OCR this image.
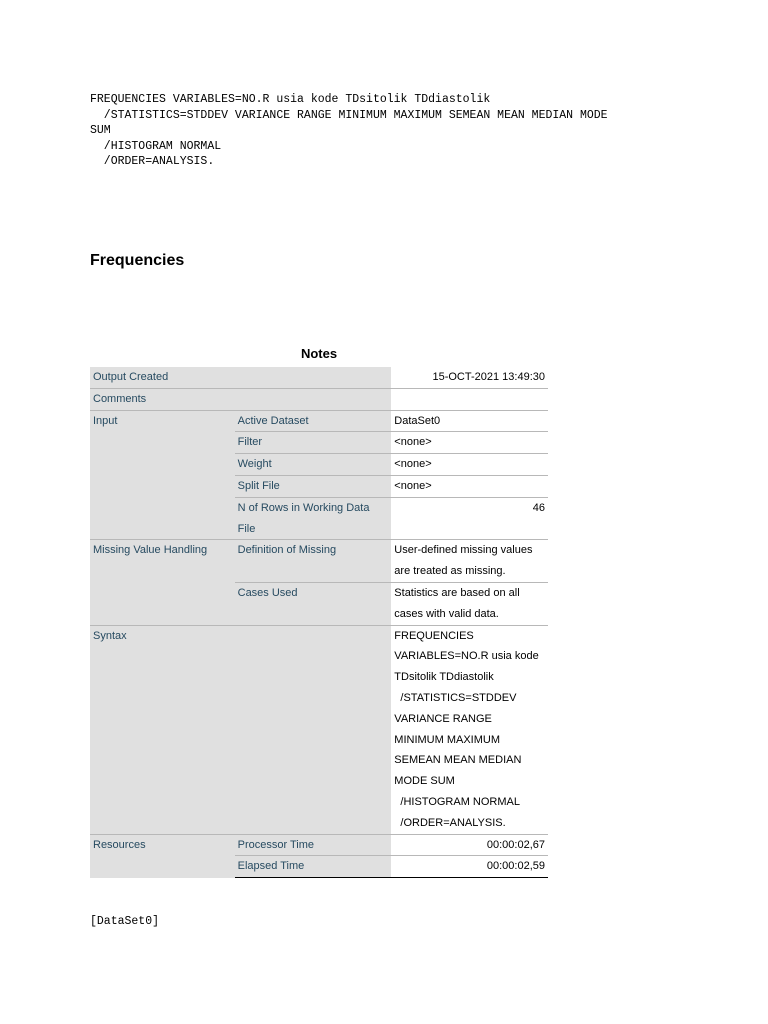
FREQUENCIES VARIABLES=NO.R usia kode TDsitolik TDdiastolik
/STATISTICS=STDDEV VARIANCE RANGE MINIMUM MAXIMUM SEMEAN MEAN MEDIAN MODE
SUM
/HISTOGRAM NORMAL
/ORDER=ANALYSIS.
Frequencies
Notes
Output Created		15-OCT-2021 13:49:30
Comments		
Input	Active Dataset	DataSet0
	Filter	<none>
	Weight	<none>
	Split File	<none>
	N of Rows in Working Data	46
	File	
Missing Value Handling	Definition of Missing	User-defined missing values
		are treated as missing.
	Cases Used	Statistics are based on all
		cases with valid data.
Syntax		FREQUENCIES
		VARIABLES=NO.R usia kode
		TDsitolik TDdiastolik
		/STATISTICS=STDDEV
		VARIANCE RANGE
		MINIMUM MAXIMUM
		SEMEAN MEAN MEDIAN
		MODE SUM
		/HISTOGRAM NORMAL
		/ORDER=ANALYSIS.
Resources	Processor Time	00:00:02,67
	Elapsed Time	00:00:02,59
[DataSet0]
